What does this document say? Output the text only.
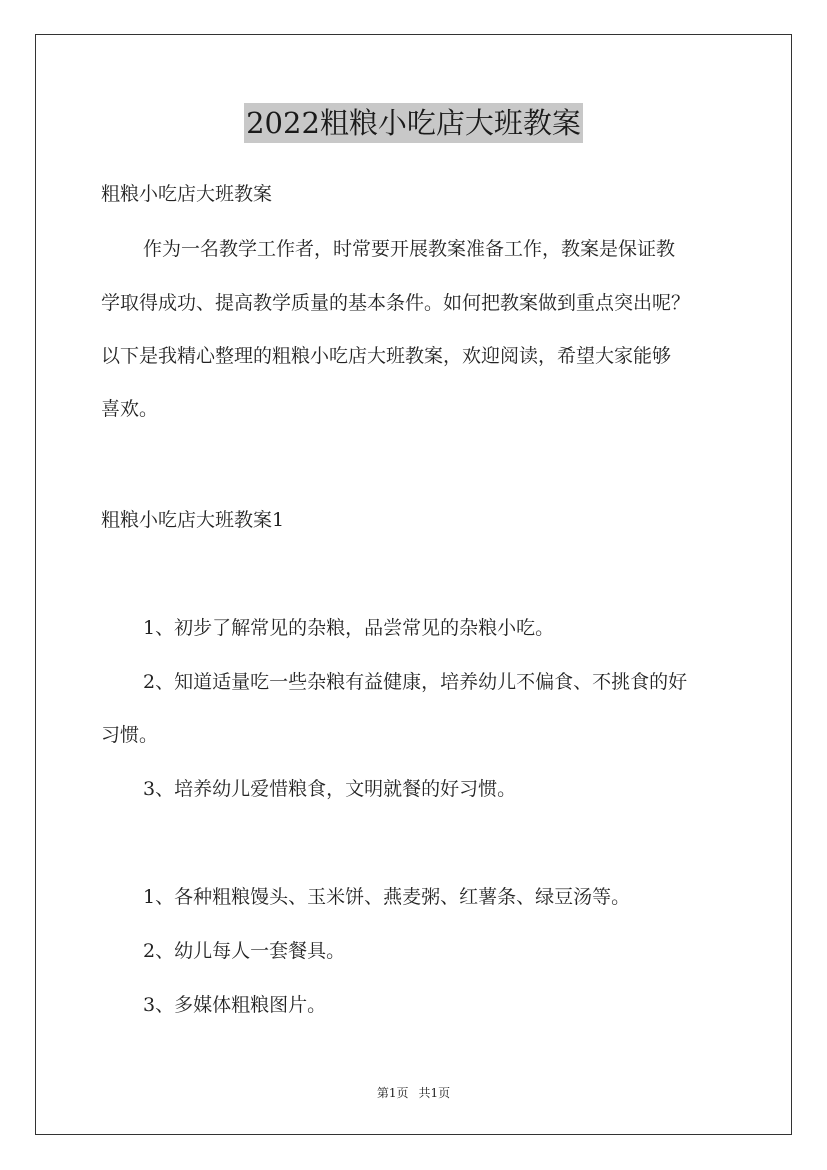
2022粗粮小吃店大班教案
粗粮小吃店大班教案
作为一名教学工作者，时常要开展教案准备工作，教案是保证教
学取得成功、提高教学质量的基本条件。如何把教案做到重点突出呢？
以下是我精心整理的粗粮小吃店大班教案，欢迎阅读，希望大家能够
喜欢。
粗粮小吃店大班教案1
1、初步了解常见的杂粮，品尝常见的杂粮小吃。
2、知道适量吃一些杂粮有益健康，培养幼儿不偏食、不挑食的好
习惯。
3、培养幼儿爱惜粮食，文明就餐的好习惯。
1、各种粗粮馒头、玉米饼、燕麦粥、红薯条、绿豆汤等。
2、幼儿每人一套餐具。
3、多媒体粗粮图片。
第1页 共1页
